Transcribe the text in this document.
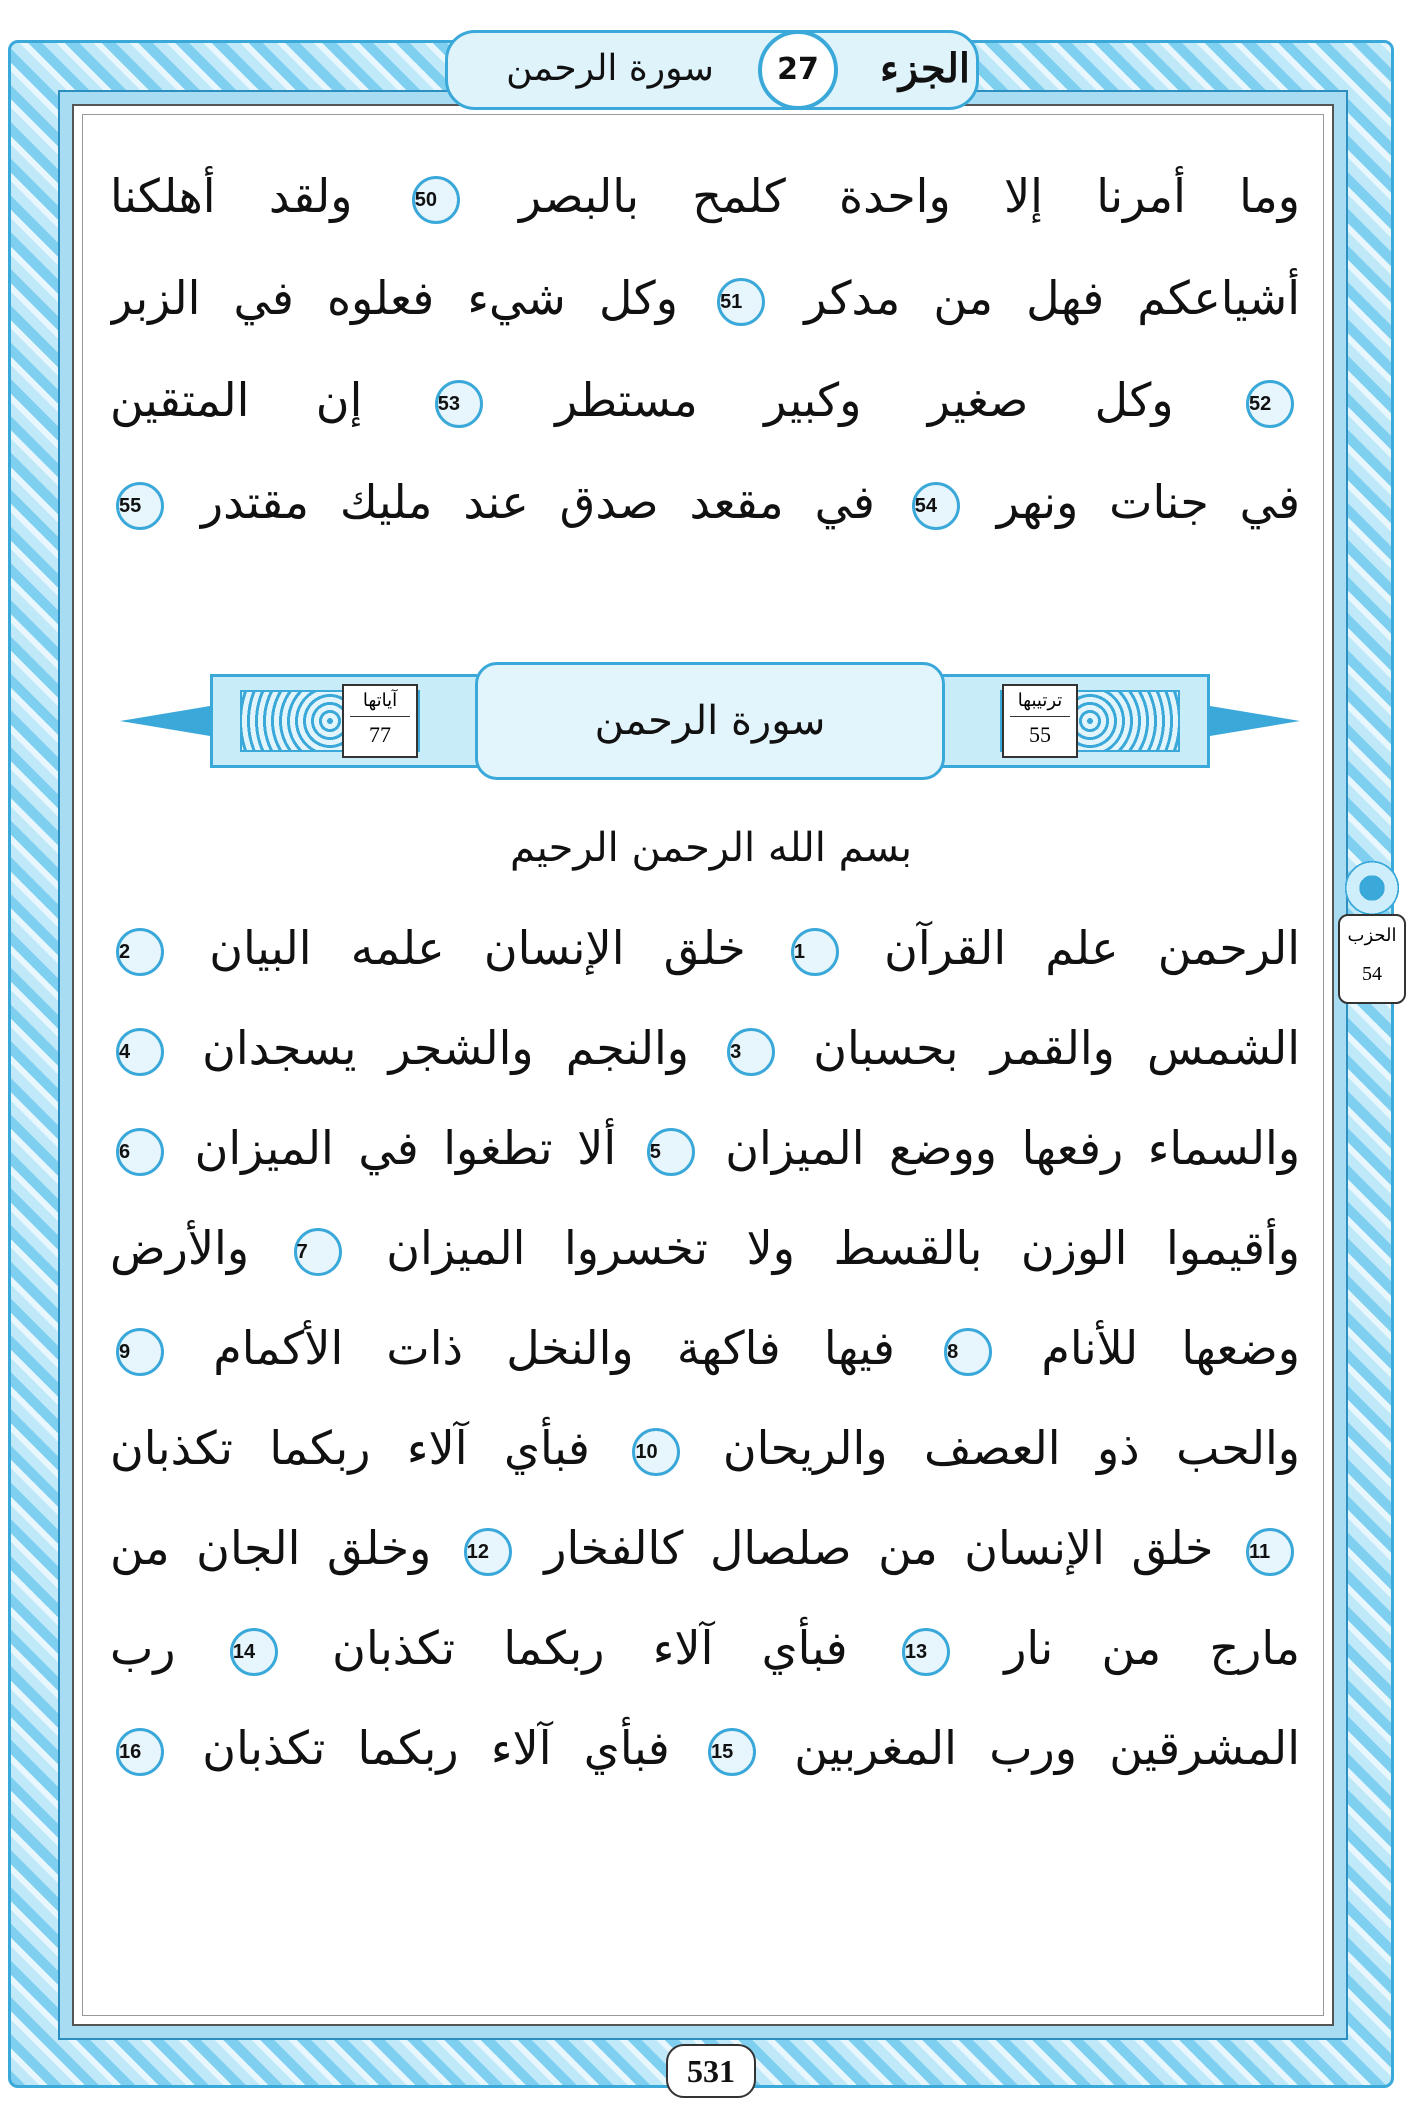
الجزء
27
سورة الرحمن
وما أمرنا إلا واحدة كلمح بالبصر 50 ولقد أهلكنا
أشياعكم فهل من مدكر 51 وكل شيء فعلوه في الزبر
52 وكل صغير وكبير مستطر 53 إن المتقين
في جنات ونهر 54 في مقعد صدق عند مليك مقتدر 55
آياتها
77
ترتيبها
55
سورة الرحمن
بسم الله الرحمن الرحيم
الرحمن علم القرآن 1 خلق الإنسان علمه البيان 2
الشمس والقمر بحسبان 3 والنجم والشجر يسجدان 4
والسماء رفعها ووضع الميزان 5 ألا تطغوا في الميزان 6
وأقيموا الوزن بالقسط ولا تخسروا الميزان 7 والأرض
وضعها للأنام 8 فيها فاكهة والنخل ذات الأكمام 9
والحب ذو العصف والريحان 10 فبأي آلاء ربكما تكذبان
11 خلق الإنسان من صلصال كالفخار 12 وخلق الجان من
مارج من نار 13 فبأي آلاء ربكما تكذبان 14 رب
المشرقين ورب المغربين 15 فبأي آلاء ربكما تكذبان 16
الحزب
54
531
